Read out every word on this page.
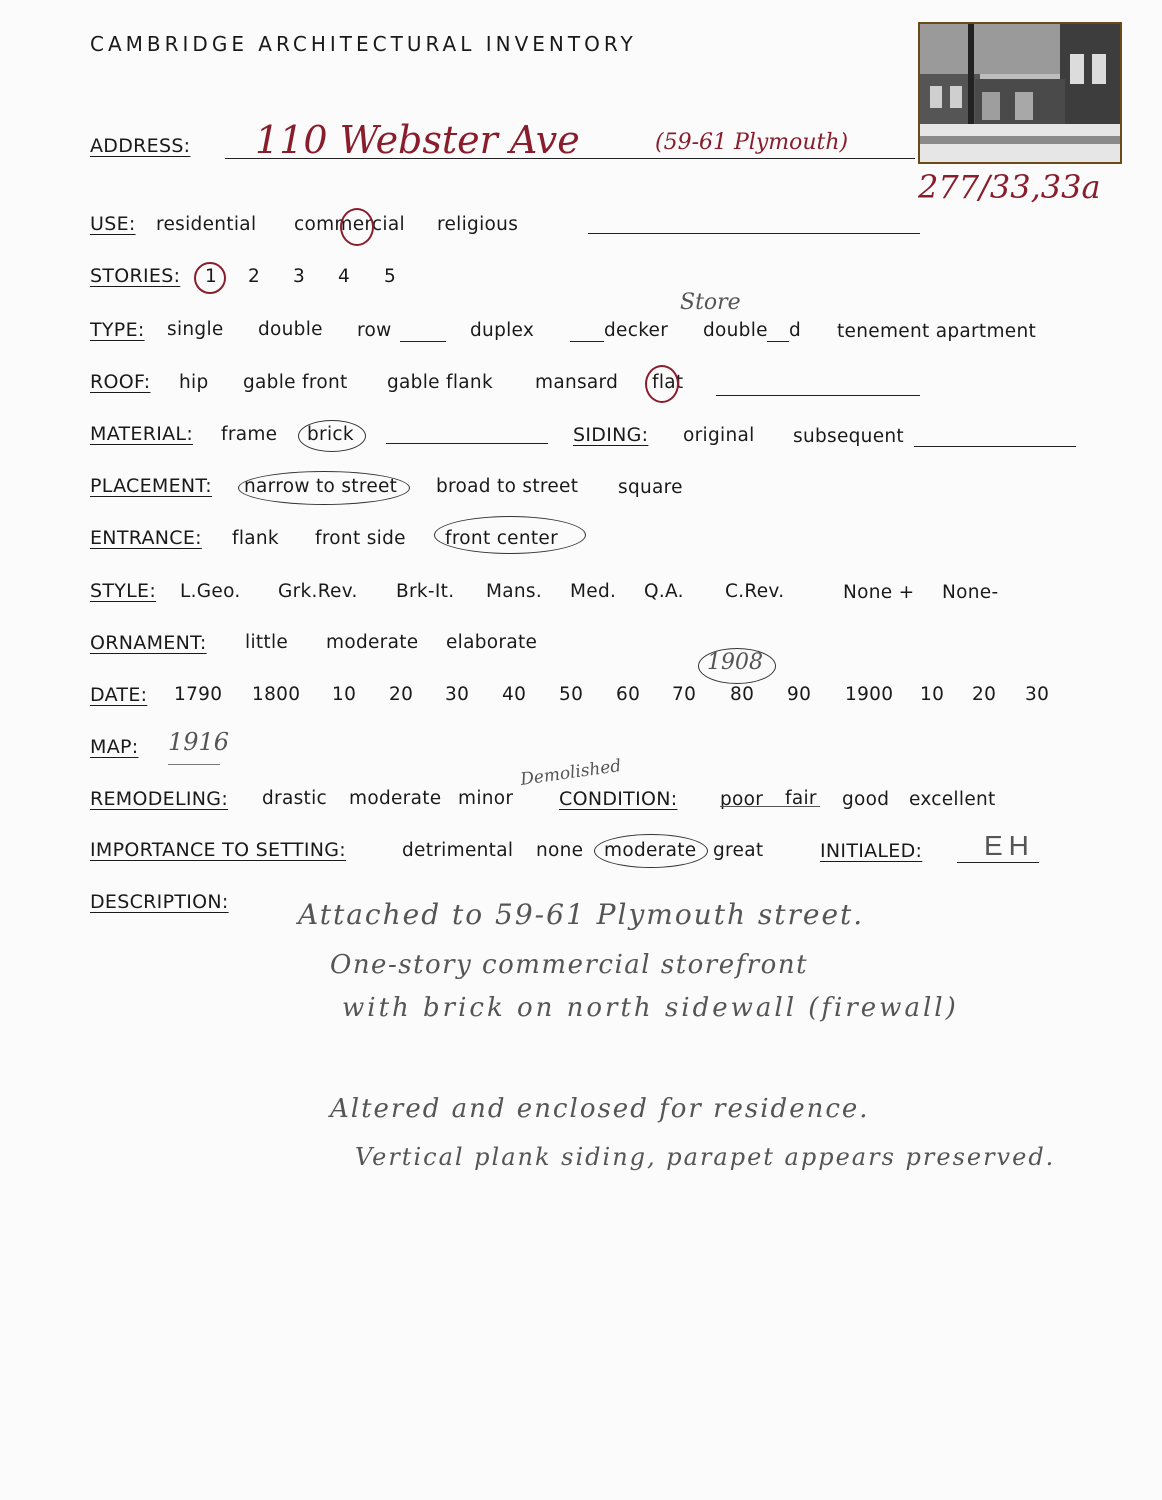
CAMBRIDGE ARCHITECTURAL INVENTORY
ADDRESS: 110 Webster Ave	(59-61 Plymouth)
277/33,33a
USE: residential commercial religious
STORIES: 1 2 3 4 5
TYPE: single double row	duplex	decker double d tenement apartment
Store
ROOF: hip gable front gable flank mansard flat
MATERIAL: frame brick	SIDING: original subsequent
PLACEMENT: narrow to street broad to street square
ENTRANCE: flank front side front center
STYLE: L.Geo. Grk.Rev. Brk-It. Mans. Med. Q.A. C.Rev.	None + None-
ORNAMENT: little moderate elaborate
DATE: 1790 1800 10 20 30 40 50 60 70 80 90 1900 10 20 30
1908
MAP: 1916
REMODELING: drastic moderate minor
Demolished
CONDITION: poor fair good excellent
IMPORTANCE TO SETTING:	detrimental none moderate great	INITIALED: EH
DESCRIPTION: Attached to 59-61 Plymouth street.
One-story commercial storefront
with brick on north sidewall (firewall)
Altered and enclosed for residence.
Vertical plank siding, parapet appears preserved.
